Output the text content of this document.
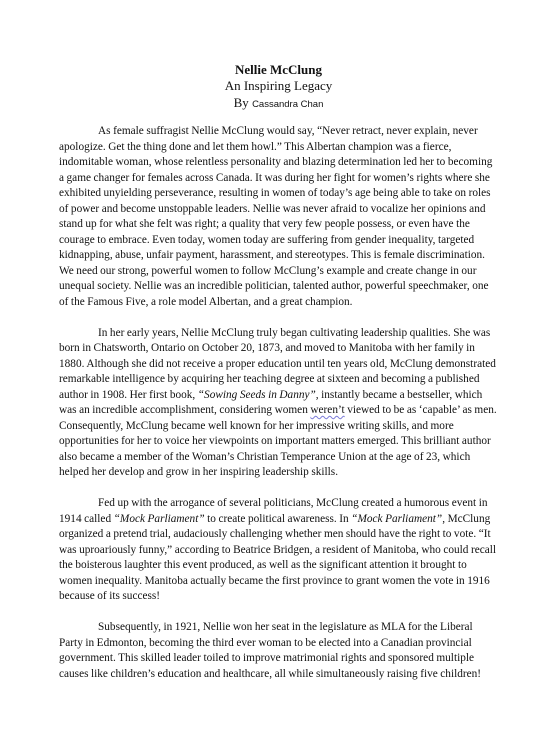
Nellie McClung
An Inspiring Legacy
By Cassandra Chan

As female suffragist Nellie McClung would say, “Never retract, never explain, never apologize. Get the thing done and let them howl.” This Albertan champion was a fierce, indomitable woman, whose relentless personality and blazing determination led her to becoming a game changer for females across Canada. It was during her fight for women’s rights where she exhibited unyielding perseverance, resulting in women of today’s age being able to take on roles of power and become unstoppable leaders. Nellie was never afraid to vocalize her opinions and stand up for what she felt was right; a quality that very few people possess, or even have the courage to embrace. Even today, women today are suffering from gender inequality, targeted kidnapping, abuse, unfair payment, harassment, and stereotypes. This is female discrimination. We need our strong, powerful women to follow McClung’s example and create change in our unequal society. Nellie was an incredible politician, talented author, powerful speechmaker, one of the Famous Five, a role model Albertan, and a great champion.

In her early years, Nellie McClung truly began cultivating leadership qualities. She was born in Chatsworth, Ontario on October 20, 1873, and moved to Manitoba with her family in 1880. Although she did not receive a proper education until ten years old, McClung demonstrated remarkable intelligence by acquiring her teaching degree at sixteen and becoming a published author in 1908. Her first book, “Sowing Seeds in Danny”, instantly became a bestseller, which was an incredible accomplishment, considering women weren’t viewed to be as ‘capable’ as men. Consequently, McClung became well known for her impressive writing skills, and more opportunities for her to voice her viewpoints on important matters emerged. This brilliant author also became a member of the Woman’s Christian Temperance Union at the age of 23, which helped her develop and grow in her inspiring leadership skills.

Fed up with the arrogance of several politicians, McClung created a humorous event in 1914 called “Mock Parliament” to create political awareness. In “Mock Parliament”, McClung organized a pretend trial, audaciously challenging whether men should have the right to vote. “It was uproariously funny,” according to Beatrice Bridgen, a resident of Manitoba, who could recall the boisterous laughter this event produced, as well as the significant attention it brought to women inequality. Manitoba actually became the first province to grant women the vote in 1916 because of its success!

Subsequently, in 1921, Nellie won her seat in the legislature as MLA for the Liberal Party in Edmonton, becoming the third ever woman to be elected into a Canadian provincial government. This skilled leader toiled to improve matrimonial rights and sponsored multiple causes like children’s education and healthcare, all while simultaneously raising five children!
